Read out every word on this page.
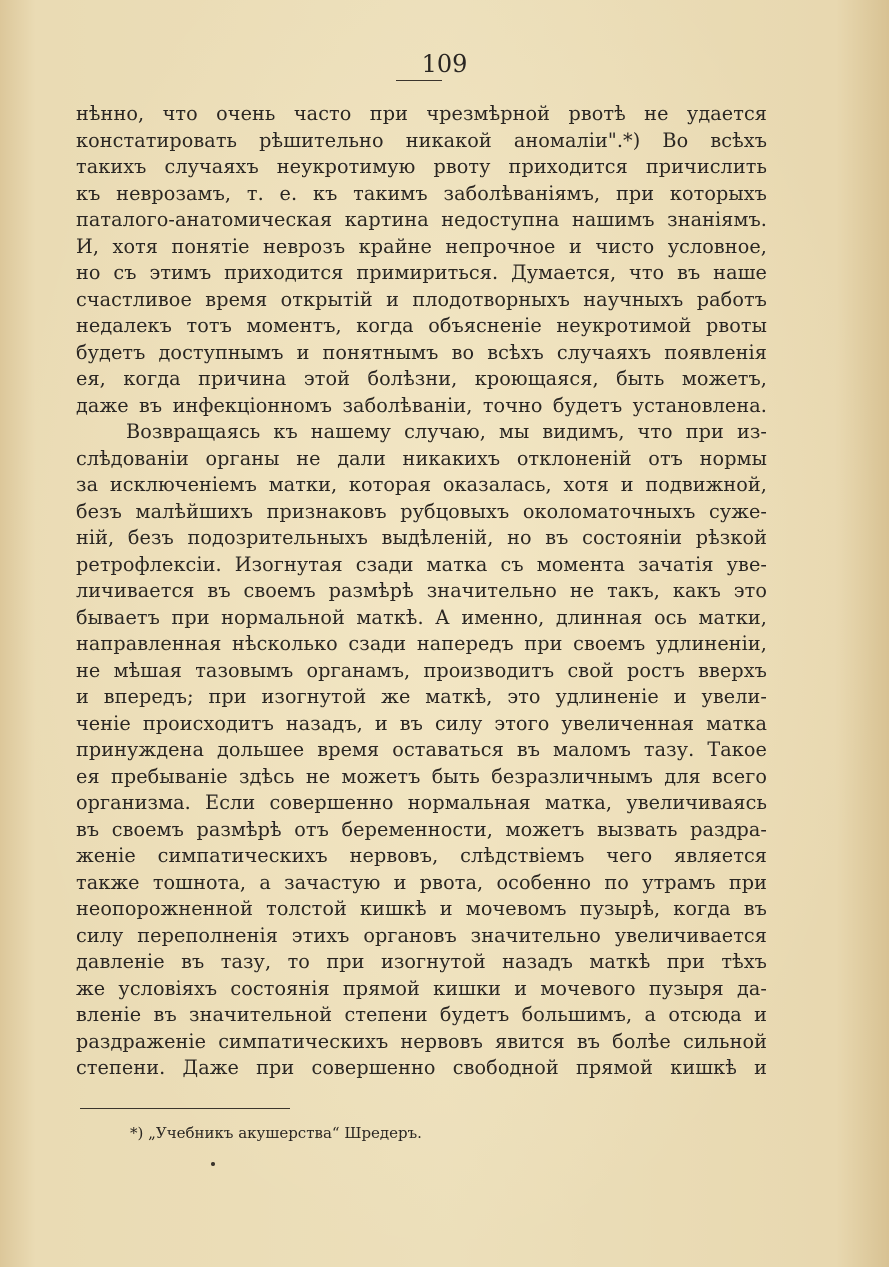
109
нѣнно, что очень часто при чрезмѣрной рвотѣ не удается
констатировать рѣшительно никакой аномаліи".*) Во всѣхъ
такихъ случаяхъ неукротимую рвоту приходится причислить
къ неврозамъ, т. е. къ такимъ заболѣваніямъ, при которыхъ
паталого-анатомическая картина недоступна нашимъ знаніямъ.
И, хотя понятіе неврозъ крайне непрочное и чисто условное,
но съ этимъ приходится примириться. Думается, что въ наше
счастливое время открытій и плодотворныхъ научныхъ работъ
недалекъ тотъ моментъ, когда объясненіе неукротимой рвоты
будетъ доступнымъ и понятнымъ во всѣхъ случаяхъ появленія
ея, когда причина этой болѣзни, кроющаяся, быть можетъ,
даже въ инфекціонномъ заболѣваніи, точно будетъ установлена.
Возвращаясь къ нашему случаю, мы видимъ, что при из-
слѣдованіи органы не дали никакихъ отклоненій отъ нормы
за исключеніемъ матки, которая оказалась, хотя и подвижной,
безъ малѣйшихъ признаковъ рубцовыхъ околоматочныхъ суже-
ній, безъ подозрительныхъ выдѣленій, но въ состояніи рѣзкой
ретрофлексіи. Изогнутая сзади матка съ момента зачатія уве-
личивается въ своемъ размѣрѣ значительно не такъ, какъ это
бываетъ при нормальной маткѣ. А именно, длинная ось матки,
направленная нѣсколько сзади напередъ при своемъ удлиненіи,
не мѣшая тазовымъ органамъ, производитъ свой ростъ вверхъ
и впередъ; при изогнутой же маткѣ, это удлиненіе и увели-
ченіе происходитъ назадъ, и въ силу этого увеличенная матка
принуждена дольшее время оставаться въ маломъ тазу. Такое
ея пребываніе здѣсь не можетъ быть безразличнымъ для всего
организма. Если совершенно нормальная матка, увеличиваясь
въ своемъ размѣрѣ отъ беременности, можетъ вызвать раздра-
женіе симпатическихъ нервовъ, слѣдствіемъ чего является
также тошнота, а зачастую и рвота, особенно по утрамъ при
неопорожненной толстой кишкѣ и мочевомъ пузырѣ, когда въ
силу переполненія этихъ органовъ значительно увеличивается
давленіе въ тазу, то при изогнутой назадъ маткѣ при тѣхъ
же условіяхъ состоянія прямой кишки и мочевого пузыря да-
вленіе въ значительной степени будетъ большимъ, а отсюда и
раздраженіе симпатическихъ нервовъ явится въ болѣе сильной
степени. Даже при совершенно свободной прямой кишкѣ и
*) „Учебникъ акушерства“ Шредеръ.
